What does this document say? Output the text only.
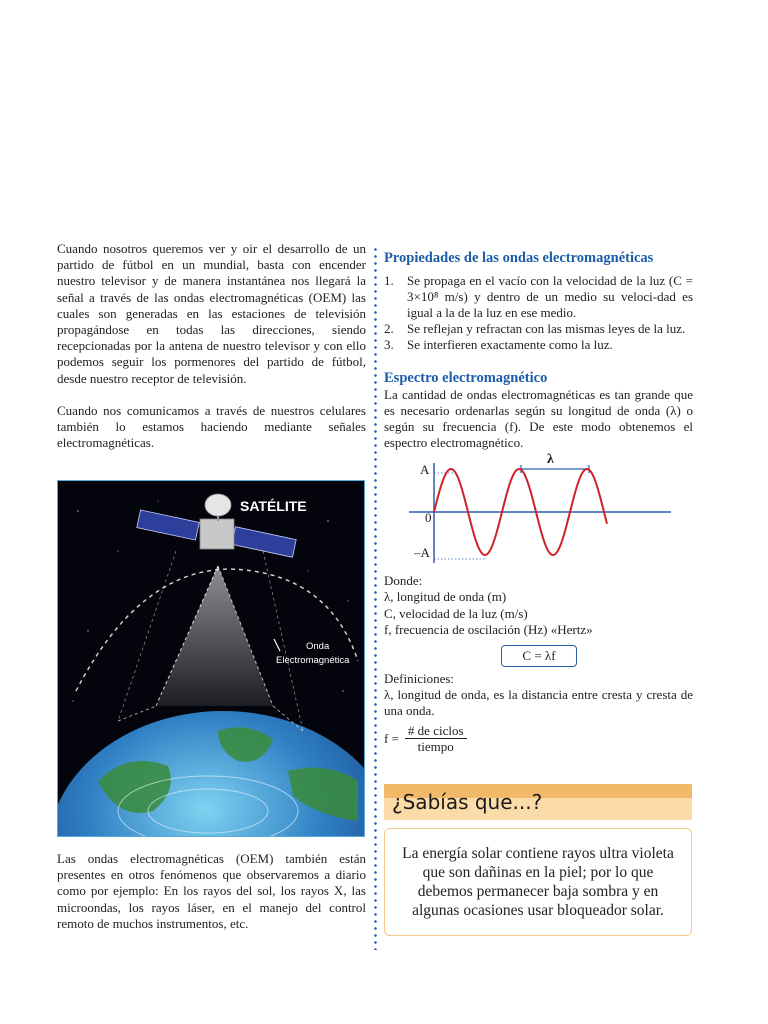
Cuando nosotros queremos ver y oir el desarrollo de un partido de fútbol en un mundial, basta con encender nuestro televisor y de manera instantánea nos llegará la señal a través de las ondas electromagnéticas (OEM) las cuales son generadas en las estaciones de televisión propagándose en todas las direcciones, siendo recepcionadas por la antena de nuestro televisor y con ello podemos seguir los pormenores del partido de fútbol, desde nuestro receptor de televisión.

Cuando nos comunicamos a través de nuestros celulares también lo estamos haciendo mediante señales electromagnéticas.

SATÉLITE
Onda
Electromagnética

Las ondas electromagnéticas (OEM) también están presentes en otros fenómenos que observaremos a diario como por ejemplo: En los rayos del sol, los rayos X, las microondas, los rayos láser, en el manejo del control remoto de muchos instrumentos, etc.

Propiedades de las ondas electromagnéticas
1. Se propaga en el vacío con la velocidad de la luz (C = 3×10⁸ m/s) y dentro de un medio su veloci-dad es igual a la de la luz en ese medio.
2. Se reflejan y refractan con las mismas leyes de la luz.
3. Se interfieren exactamente como la luz.
Espectro electromagnético

La cantidad de ondas electromagnéticas es tan grande que es necesario ordenarlas según su longitud de onda (λ) o según su frecuencia (f). De este modo obtenemos el espectro electromagnético.

λ
A
0
–A
Donde:
λ, longitud de onda (m)
C, velocidad de la luz (m/s)
f, frecuencia de oscilación (Hz) «Hertz»
C = λf
Definiciones:
λ, longitud de onda, es la distancia entre cresta y cresta de una onda.
$f = \frac{\text{\# de ciclos}}{\text{tiempo}}$
¿Sabías que...?
La energía solar contiene rayos ultra violeta que son dañinas en la piel; por lo que debemos permanecer baja sombra y en algunas ocasiones usar bloqueador solar.
